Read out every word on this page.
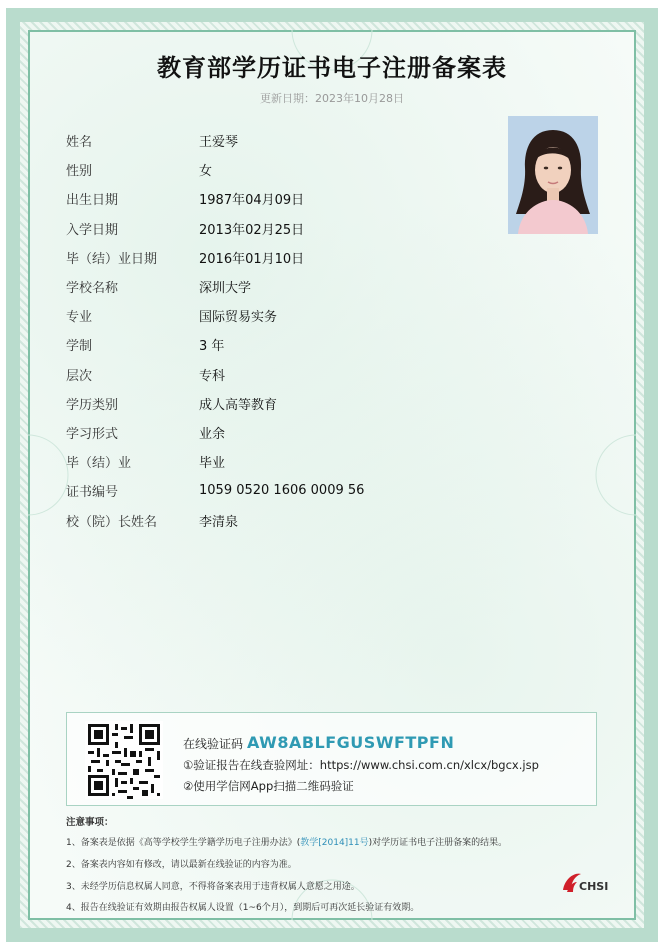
教育部学历证书电子注册备案表
更新日期：2023年10月28日
姓名	王爱琴
性别	女
出生日期	1987年04月09日
入学日期	2013年02月25日
毕（结）业日期	2016年01月10日
学校名称	深圳大学
专业	国际贸易实务
学制	3 年
层次	专科
学历类别	成人高等教育
学习形式	业余
毕（结）业	毕业
证书编号	1059 0520 1606 0009 56
校（院）长姓名	李清泉
在线验证码 AW8ABLFGUSWFTPFN
①验证报告在线查验网址：https://www.chsi.com.cn/xlcx/bgcx.jsp
②使用学信网App扫描二维码验证
注意事项：
1、备案表是依据《高等学校学生学籍学历电子注册办法》(教学[2014]11号)对学历证书电子注册备案的结果。
2、备案表内容如有修改，请以最新在线验证的内容为准。
3、未经学历信息权属人同意，不得将备案表用于违背权属人意愿之用途。
4、报告在线验证有效期由报告权属人设置（1~6个月），到期后可再次延长验证有效期。
CHSI
